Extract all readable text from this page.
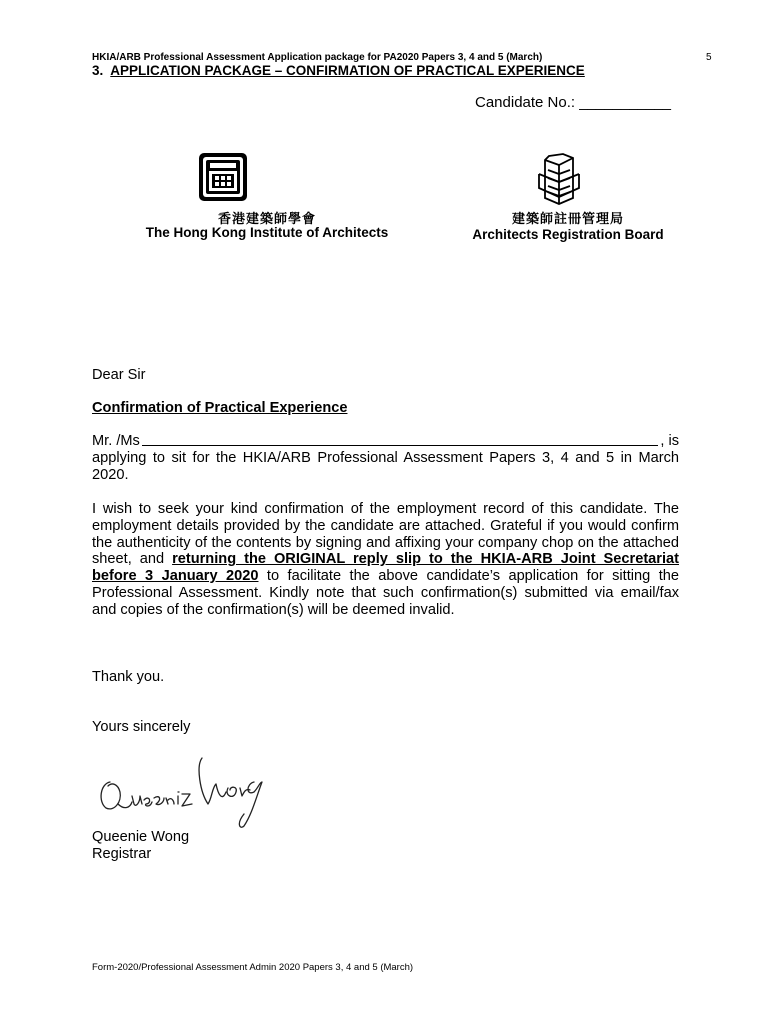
HKIA/ARB Professional Assessment Application package for PA2020 Papers 3, 4 and 5 (March)	5
3. APPLICATION PACKAGE – CONFIRMATION OF PRACTICAL EXPERIENCE
Candidate No.: ___________
香港建築師學會	建築師註冊管理局
The Hong Kong Institute of Architects	Architects Registration Board
Dear Sir
Confirmation of Practical Experience
Mr. /Ms	, is
applying to sit for the HKIA/ARB Professional Assessment Papers 3, 4 and 5 in March 2020.
I wish to seek your kind confirmation of the employment record of this candidate. The employment details provided by the candidate are attached. Grateful if you would confirm the authenticity of the contents by signing and affixing your company chop on the attached sheet, and returning the ORIGINAL reply slip to the HKIA-ARB Joint Secretariat before 3 January 2020 to facilitate the above candidate’s application for sitting the Professional Assessment. Kindly note that such confirmation(s) submitted via email/fax and copies of the confirmation(s) will be deemed invalid.
Thank you.
Yours sincerely
Queenie Wong
Registrar
Form-2020/Professional Assessment Admin 2020 Papers 3, 4 and 5 (March)
